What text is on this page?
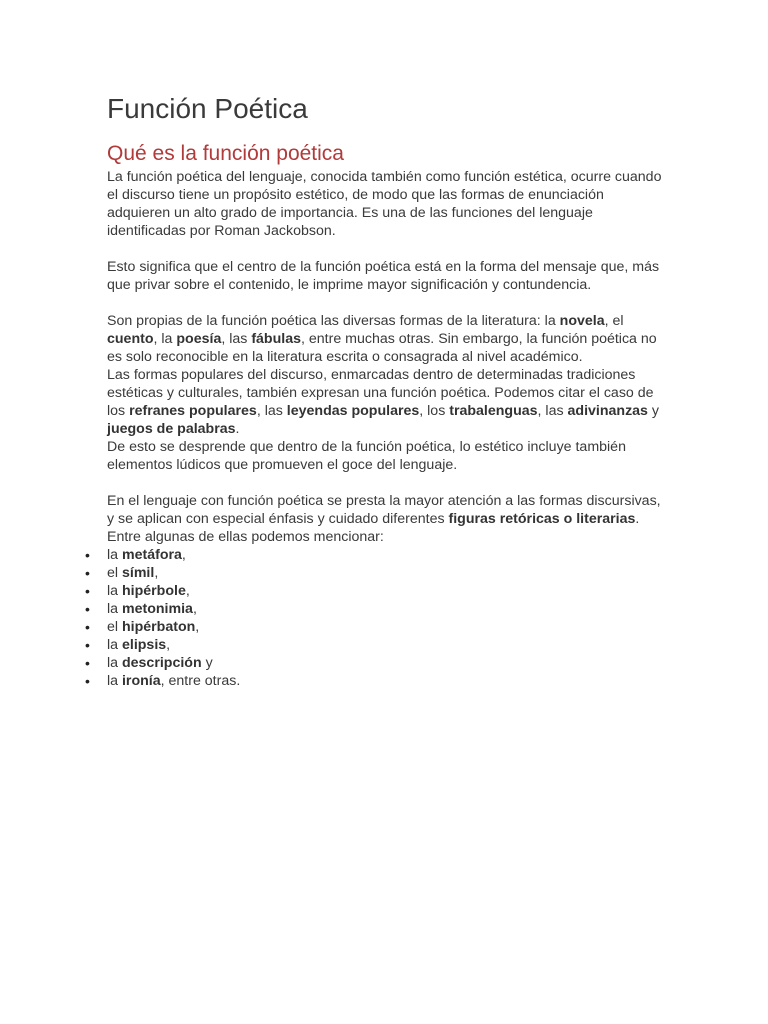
Función Poética
Qué es la función poética

La función poética del lenguaje, conocida también como función estética, ocurre cuando el discurso tiene un propósito estético, de modo que las formas de enunciación adquieren un alto grado de importancia. Es una de las funciones del lenguaje identificadas por Roman Jackobson.

Esto significa que el centro de la función poética está en la forma del mensaje que, más que privar sobre el contenido, le imprime mayor significación y contundencia.

Son propias de la función poética las diversas formas de la literatura: la novela, el cuento, la poesía, las fábulas, entre muchas otras. Sin embargo, la función poética no es solo reconocible en la literatura escrita o consagrada al nivel académico.

Las formas populares del discurso, enmarcadas dentro de determinadas tradiciones estéticas y culturales, también expresan una función poética. Podemos citar el caso de los refranes populares, las leyendas populares, los trabalenguas, las adivinanzas y juegos de palabras.

De esto se desprende que dentro de la función poética, lo estético incluye también elementos lúdicos que promueven el goce del lenguaje.

En el lenguaje con función poética se presta la mayor atención a las formas discursivas, y se aplican con especial énfasis y cuidado diferentes figuras retóricas o literarias. Entre algunas de ellas podemos mencionar:

• la metáfora,
• el símil,
• la hipérbole,
• la metonimia,
• el hipérbaton,
• la elipsis,
• la descripción y
• la ironía, entre otras.
